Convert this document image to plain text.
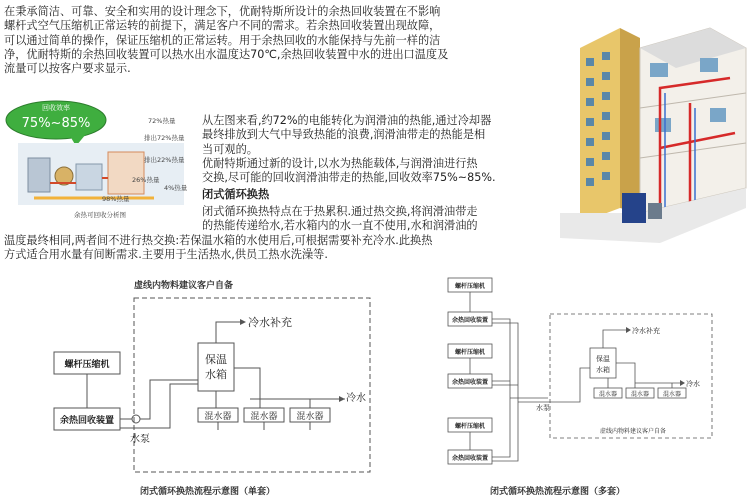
在秉承简洁、可靠、安全和实用的设计理念下，优耐特斯所设计的余热回收装置在不影响
螺杆式空气压缩机正常运转的前提下，满足客户不同的需求。若余热回收装置出现故障，
可以通过简单的操作，保证压缩机的正常运转。用于余热回收的水能保持与先前一样的洁
净，优耐特斯的余热回收装置可以热水出水温度达70℃,余热回收装置中水的进出口温度及
流量可以按客户要求显示.
回收效率
75%~85%	72%热量
排出72%热量
排出22%热量
26%热量
4%热量
98%热量
余热可回收分析图
从左图来看,约72%的电能转化为润滑油的热能,通过冷却器
最终排放到大气中导致热能的浪费,润滑油带走的热能是相
当可观的。
优耐特斯通过新的设计,以水为热能载体,与润滑油进行热
交换,尽可能的回收润滑油带走的热能,回收效率75%~85%.
闭式循环换热
闭式循环换热特点在于热累积.通过热交换,将润滑油带走
的热能传递给水,若水箱内的水一直不使用,水和润滑油的
温度最终相同,两者间不进行热交换:若保温水箱的水使用后,可根据需要补充冷水.此换热
方式适合用水量有间断需求.主要用于生活热水,供员工热水洗澡等.
虚线内物料建议客户自备
冷水补充
保温
水箱
螺杆压缩机
余热回收装置	混水器 混水器 混水器
冷水
水泵
闭式循环换热流程示意图（单套）
螺杆压缩机
余热回收装置
螺杆压缩机
余热回收装置
螺杆压缩机
余热回收装置
冷水补充
保温
水箱
混水器 混水器 混水器
冷水
水泵
虚线内物料建议客户自备
闭式循环换热流程示意图（多套）
